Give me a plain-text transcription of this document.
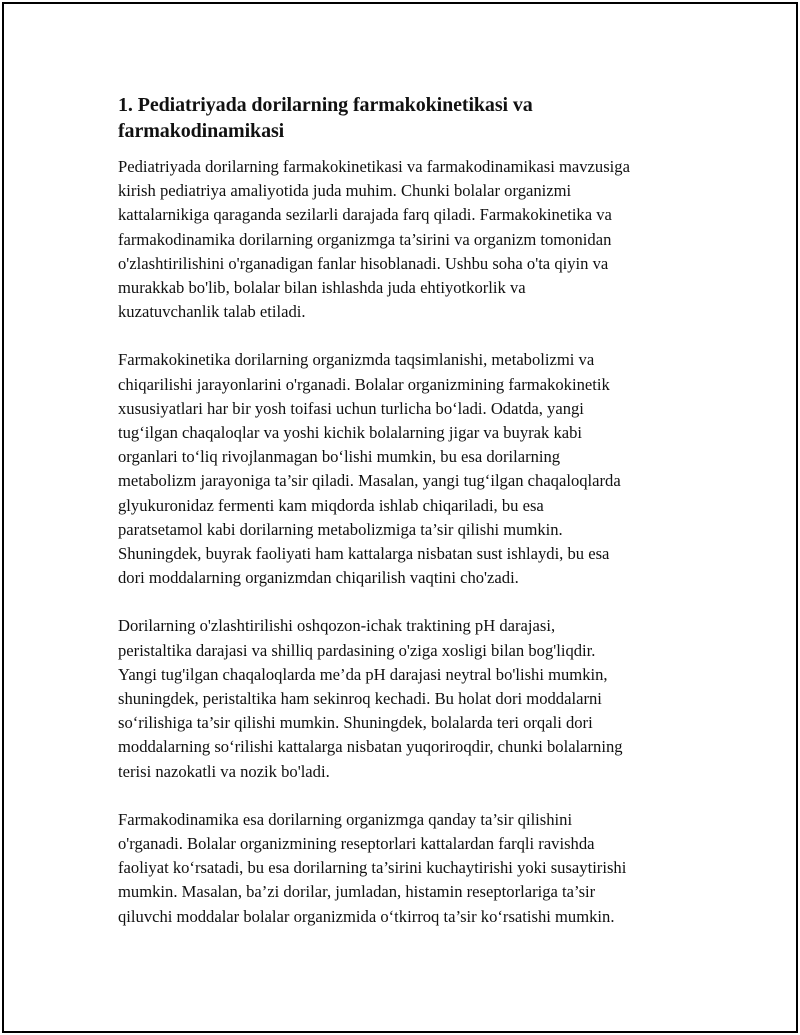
1. Pediatriyada dorilarning farmakokinetikasi va
farmakodinamikasi

Pediatriyada dorilarning farmakokinetikasi va farmakodinamikasi mavzusiga
kirish pediatriya amaliyotida juda muhim. Chunki bolalar organizmi
kattalarnikiga qaraganda sezilarli darajada farq qiladi. Farmakokinetika va
farmakodinamika dorilarning organizmga ta’sirini va organizm tomonidan
o'zlashtirilishini o'rganadigan fanlar hisoblanadi. Ushbu soha o'ta qiyin va
murakkab bo'lib, bolalar bilan ishlashda juda ehtiyotkorlik va
kuzatuvchanlik talab etiladi.

Farmakokinetika dorilarning organizmda taqsimlanishi, metabolizmi va
chiqarilishi jarayonlarini o'rganadi. Bolalar organizmining farmakokinetik
xususiyatlari har bir yosh toifasi uchun turlicha bo‘ladi. Odatda, yangi
tug‘ilgan chaqaloqlar va yoshi kichik bolalarning jigar va buyrak kabi
organlari to‘liq rivojlanmagan bo‘lishi mumkin, bu esa dorilarning
metabolizm jarayoniga ta’sir qiladi. Masalan, yangi tug‘ilgan chaqaloqlarda
glyukuronidaz fermenti kam miqdorda ishlab chiqariladi, bu esa
paratsetamol kabi dorilarning metabolizmiga ta’sir qilishi mumkin.
Shuningdek, buyrak faoliyati ham kattalarga nisbatan sust ishlaydi, bu esa
dori moddalarning organizmdan chiqarilish vaqtini cho'zadi.

Dorilarning o'zlashtirilishi oshqozon-ichak traktining pH darajasi,
peristaltika darajasi va shilliq pardasining o'ziga xosligi bilan bog'liqdir.
Yangi tug'ilgan chaqaloqlarda me’da pH darajasi neytral bo'lishi mumkin,
shuningdek, peristaltika ham sekinroq kechadi. Bu holat dori moddalarni
so‘rilishiga ta’sir qilishi mumkin. Shuningdek, bolalarda teri orqali dori
moddalarning so‘rilishi kattalarga nisbatan yuqoriroqdir, chunki bolalarning
terisi nazokatli va nozik bo'ladi.

Farmakodinamika esa dorilarning organizmga qanday ta’sir qilishini
o'rganadi. Bolalar organizmining reseptorlari kattalardan farqli ravishda
faoliyat ko‘rsatadi, bu esa dorilarning ta’sirini kuchaytirishi yoki susaytirishi
mumkin. Masalan, ba’zi dorilar, jumladan, histamin reseptorlariga ta’sir
qiluvchi moddalar bolalar organizmida o‘tkirroq ta’sir ko‘rsatishi mumkin.
